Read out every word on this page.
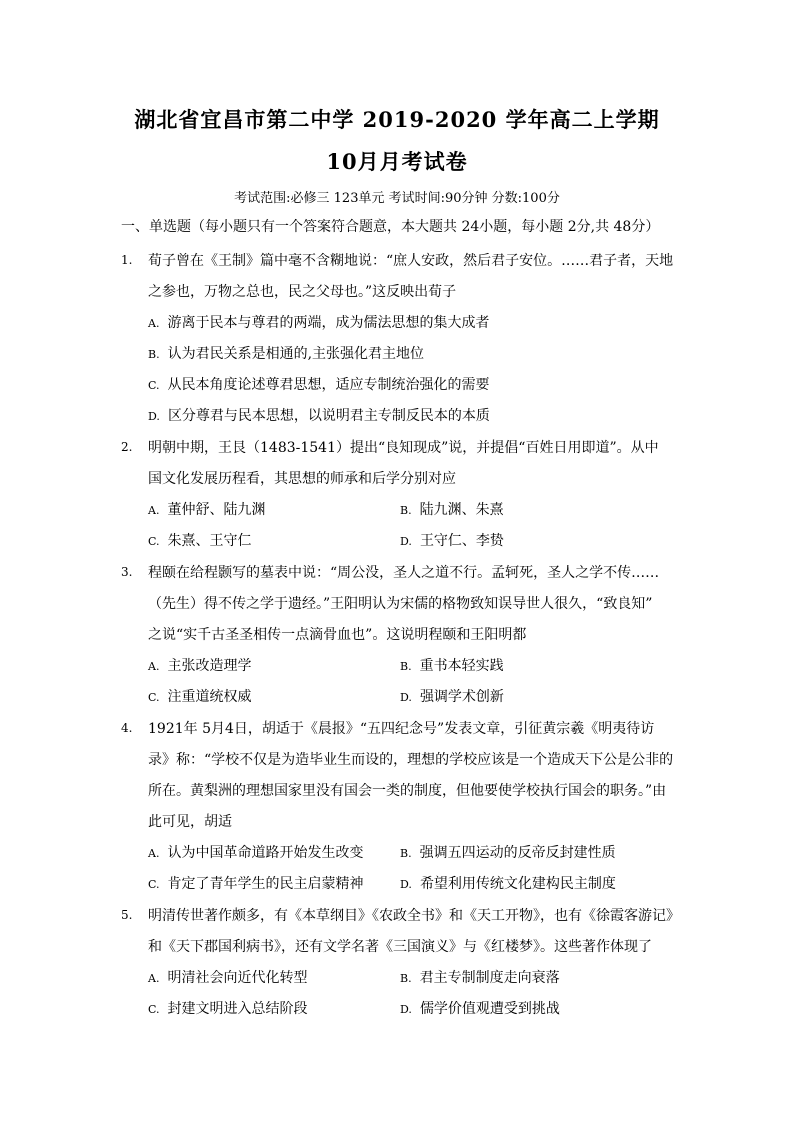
湖北省宜昌市第二中学 2019-2020 学年高二上学期
10月月考试卷
考试范围:必修三 123单元 考试时间:90分钟 分数:100分
一、单选题（每小题只有一个答案符合题意，本大题共 24小题，每小题 2分,共 48分）
1. 荀子曾在《王制》篇中毫不含糊地说：“庶人安政，然后君子安位。……君子者，天地
之参也，万物之总也，民之父母也。”这反映出荀子
A. 游离于民本与尊君的两端，成为儒法思想的集大成者
B. 认为君民关系是相通的,主张强化君主地位
C. 从民本角度论述尊君思想，适应专制统治强化的需要
D. 区分尊君与民本思想，以说明君主专制反民本的本质
2. 明朝中期，王艮（1483-1541）提出“良知现成”说，并提倡“百姓日用即道”。从中
国文化发展历程看，其思想的师承和后学分别对应
A. 董仲舒、陆九渊	B. 陆九渊、朱熹
C. 朱熹、王守仁	D. 王守仁、李贽
3. 程颐在给程颢写的墓表中说：“周公没，圣人之道不行。孟轲死，圣人之学不传……
（先生）得不传之学于遗经。”王阳明认为宋儒的格物致知误导世人很久，“致良知”
之说“实千古圣圣相传一点滴骨血也”。这说明程颐和王阳明都
A. 主张改造理学	B. 重书本轻实践
C. 注重道统权威	D. 强调学术创新
4. 1921年 5月4日，胡适于《晨报》“五四纪念号”发表文章，引征黄宗羲《明夷待访
录》称：“学校不仅是为造毕业生而设的，理想的学校应该是一个造成天下公是公非的
所在。黄梨洲的理想国家里没有国会一类的制度，但他要使学校执行国会的职务。”由
此可见，胡适
A. 认为中国革命道路开始发生改变	B. 强调五四运动的反帝反封建性质
C. 肯定了青年学生的民主启蒙精神	D. 希望利用传统文化建构民主制度
5. 明清传世著作颇多，有《本草纲目》《农政全书》和《天工开物》，也有《徐霞客游记》
和《天下郡国利病书》，还有文学名著《三国演义》与《红楼梦》。这些著作体现了
A. 明清社会向近代化转型	B. 君主专制制度走向衰落
C. 封建文明进入总结阶段	D. 儒学价值观遭受到挑战
